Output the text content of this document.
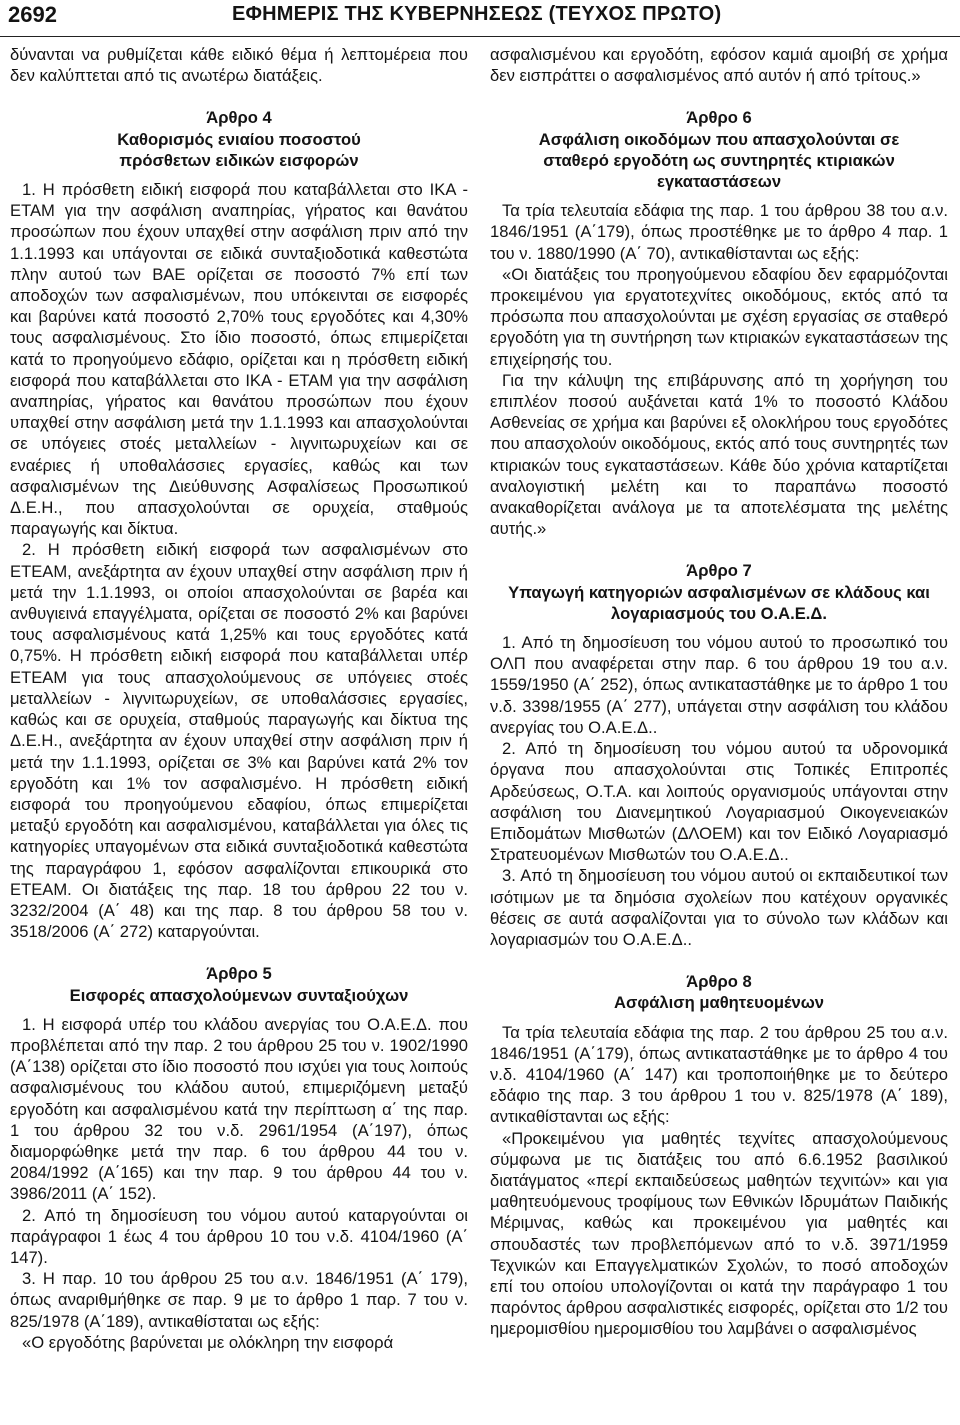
2692	ΕΦΗΜΕΡΙΣ ΤΗΣ ΚΥΒΕΡΝΗΣΕΩΣ (ΤΕΥΧΟΣ ΠΡΩΤΟ)

δύνανται να ρυθμίζεται κάθε ειδικό θέμα ή λεπτομέρεια που δεν καλύπτεται από τις ανωτέρω διατάξεις.

Άρθρο 4
Καθορισμός ενιαίου ποσοστού πρόσθετων ειδικών εισφορών

1. Η πρόσθετη ειδική εισφορά που καταβάλλεται στο ΙΚΑ - ΕΤΑΜ για την ασφάλιση αναπηρίας, γήρατος και θανάτου προσώπων που έχουν υπαχθεί στην ασφάλιση πριν από την 1.1.1993 και υπάγονται σε ειδικά συνταξιοδοτικά καθεστώτα πλην αυτού των ΒΑΕ ορίζεται σε ποσοστό 7% επί των αποδοχών των ασφαλισμένων, που υπόκεινται σε εισφορές και βαρύνει κατά ποσοστό 2,70% τους εργοδότες και 4,30% τους ασφαλισμένους. Στο ίδιο ποσοστό, όπως επιμερίζεται κατά το προηγούμενο εδάφιο, ορίζεται και η πρόσθετη ειδική εισφορά που καταβάλλεται στο ΙΚΑ - ΕΤΑΜ για την ασφάλιση αναπηρίας, γήρατος και θανάτου προσώπων που έχουν υπαχθεί στην ασφάλιση μετά την 1.1.1993 και απασχολούνται σε υπόγειες στοές μεταλλείων - λιγνιτωρυχείων και σε εναέριες ή υποθαλάσσιες εργασίες, καθώς και των ασφαλισμένων της Διεύθυνσης Ασφαλίσεως Προσωπικού Δ.Ε.Η., που απασχολούνται σε ορυχεία, σταθμούς παραγωγής και δίκτυα.

2. Η πρόσθετη ειδική εισφορά των ασφαλισμένων στο ΕΤΕΑΜ, ανεξάρτητα αν έχουν υπαχθεί στην ασφάλιση πριν ή μετά την 1.1.1993, οι οποίοι απασχολούνται σε βαρέα και ανθυγιεινά επαγγέλματα, ορίζεται σε ποσοστό 2% και βαρύνει τους ασφαλισμένους κατά 1,25% και τους εργοδότες κατά 0,75%. Η πρόσθετη ειδική εισφορά που καταβάλλεται υπέρ ΕΤΕΑΜ για τους απασχολούμενους σε υπόγειες στοές μεταλλείων - λιγνιτωρυχείων, σε υποθαλάσσιες εργασίες, καθώς και σε ορυχεία, σταθμούς παραγωγής και δίκτυα της Δ.Ε.Η., ανεξάρτητα αν έχουν υπαχθεί στην ασφάλιση πριν ή μετά την 1.1.1993, ορίζεται σε 3% και βαρύνει κατά 2% τον εργοδότη και 1% τον ασφαλισμένο. Η πρόσθετη ειδική εισφορά του προηγούμενου εδαφίου, όπως επιμερίζεται μεταξύ εργοδότη και ασφαλισμένου, καταβάλλεται για όλες τις κατηγορίες υπαγομένων στα ειδικά συνταξιοδοτικά καθεστώτα της παραγράφου 1, εφόσον ασφαλίζονται επικουρικά στο ΕΤΕΑΜ. Οι διατάξεις της παρ. 18 του άρθρου 22 του ν. 3232/2004 (Α΄ 48) και της παρ. 8 του άρθρου 58 του ν. 3518/2006 (Α΄ 272) καταργούνται.

Άρθρο 5
Εισφορές απασχολούμενων συνταξιούχων

1. Η εισφορά υπέρ του κλάδου ανεργίας του Ο.Α.Ε.Δ. που προβλέπεται από την παρ. 2 του άρθρου 25 του ν. 1902/1990 (Α΄138) ορίζεται στο ίδιο ποσοστό που ισχύει για τους λοιπούς ασφαλισμένους του κλάδου αυτού, επιμεριζόμενη μεταξύ εργοδότη και ασφαλισμένου κατά την περίπτωση α΄ της παρ. 1 του άρθρου 32 του ν.δ. 2961/1954 (Α΄197), όπως διαμορφώθηκε μετά την παρ. 6 του άρθρου 44 του ν. 2084/1992 (Α΄165) και την παρ. 9 του άρθρου 44 του ν. 3986/2011 (Α΄ 152).

2. Από τη δημοσίευση του νόμου αυτού καταργούνται οι παράγραφοι 1 έως 4 του άρθρου 10 του ν.δ. 4104/1960 (Α΄ 147).

3. Η παρ. 10 του άρθρου 25 του α.ν. 1846/1951 (Α΄ 179), όπως αναριθμήθηκε σε παρ. 9 με το άρθρο 1 παρ. 7 του ν. 825/1978 (Α΄189), αντικαθίσταται ως εξής:

«Ο εργοδότης βαρύνεται με ολόκληρη την εισφορά

ασφαλισμένου και εργοδότη, εφόσον καμιά αμοιβή σε χρήμα δεν εισπράττει ο ασφαλισμένος από αυτόν ή από τρίτους.»

Άρθρο 6
Ασφάλιση οικοδόμων που απασχολούνται σε σταθερό εργοδότη ως συντηρητές κτιριακών εγκαταστάσεων

Τα τρία τελευταία εδάφια της παρ. 1 του άρθρου 38 του α.ν. 1846/1951 (Α΄179), όπως προστέθηκε με το άρθρο 4 παρ. 1 του ν. 1880/1990 (Α΄ 70), αντικαθίστανται ως εξής:

«Οι διατάξεις του προηγούμενου εδαφίου δεν εφαρμόζονται προκειμένου για εργατοτεχνίτες οικοδόμους, εκτός από τα πρόσωπα που απασχολούνται με σχέση εργασίας σε σταθερό εργοδότη για τη συντήρηση των κτιριακών εγκαταστάσεων της επιχείρησής του.

Για την κάλυψη της επιβάρυνσης από τη χορήγηση του επιπλέον ποσού αυξάνεται κατά 1% το ποσοστό Κλάδου Ασθενείας σε χρήμα και βαρύνει εξ ολοκλήρου τους εργοδότες που απασχολούν οικοδόμους, εκτός από τους συντηρητές των κτιριακών τους εγκαταστάσεων. Κάθε δύο χρόνια καταρτίζεται αναλογιστική μελέτη και το παραπάνω ποσοστό ανακαθορίζεται ανάλογα με τα αποτελέσματα της μελέτης αυτής.»

Άρθρο 7
Υπαγωγή κατηγοριών ασφαλισμένων σε κλάδους και λογαριασμούς του Ο.Α.Ε.Δ.

1. Από τη δημοσίευση του νόμου αυτού το προσωπικό του ΟΛΠ που αναφέρεται στην παρ. 6 του άρθρου 19 του α.ν. 1559/1950 (Α΄ 252), όπως αντικαταστάθηκε με το άρθρο 1 του ν.δ. 3398/1955 (Α΄ 277), υπάγεται στην ασφάλιση του κλάδου ανεργίας του Ο.Α.Ε.Δ..

2. Από τη δημοσίευση του νόμου αυτού τα υδρονομικά όργανα που απασχολούνται στις Τοπικές Επιτροπές Αρδεύσεως, Ο.Τ.Α. και λοιπούς οργανισμούς υπάγονται στην ασφάλιση του Διανεμητικού Λογαριασμού Οικογενειακών Επιδομάτων Μισθωτών (ΔΛΟΕΜ) και τον Ειδικό Λογαριασμό Στρατευομένων Μισθωτών του Ο.Α.Ε.Δ..

3. Από τη δημοσίευση του νόμου αυτού οι εκπαιδευτικοί των ισότιμων με τα δημόσια σχολείων που κατέχουν οργανικές θέσεις σε αυτά ασφαλίζονται για το σύνολο των κλάδων και λογαριασμών του Ο.Α.Ε.Δ..

Άρθρο 8
Ασφάλιση μαθητευομένων

Τα τρία τελευταία εδάφια της παρ. 2 του άρθρου 25 του α.ν. 1846/1951 (Α΄179), όπως αντικαταστάθηκε με το άρθρο 4 του ν.δ. 4104/1960 (Α΄ 147) και τροποποιήθηκε με το δεύτερο εδάφιο της παρ. 3 του άρθρου 1 του ν. 825/1978 (Α΄ 189), αντικαθίστανται ως εξής:

«Προκειμένου για μαθητές τεχνίτες απασχολούμενους σύμφωνα με τις διατάξεις του από 6.6.1952 βασιλικού διατάγματος «περί εκπαιδεύσεως μαθητών τεχνιτών» και για μαθητευόμενους τροφίμους των Εθνικών Ιδρυμάτων Παιδικής Μέριμνας, καθώς και προκειμένου για μαθητές και σπουδαστές των προβλεπόμενων από το ν.δ. 3971/1959 Τεχνικών και Επαγγελματικών Σχολών, το ποσό αποδοχών επί του οποίου υπολογίζονται οι κατά την παράγραφο 1 του παρόντος άρθρου ασφαλιστικές εισφορές, ορίζεται στο 1/2 του ημερομισθίου ημερομισθίου του λαμβάνει ο ασφαλισμένος
